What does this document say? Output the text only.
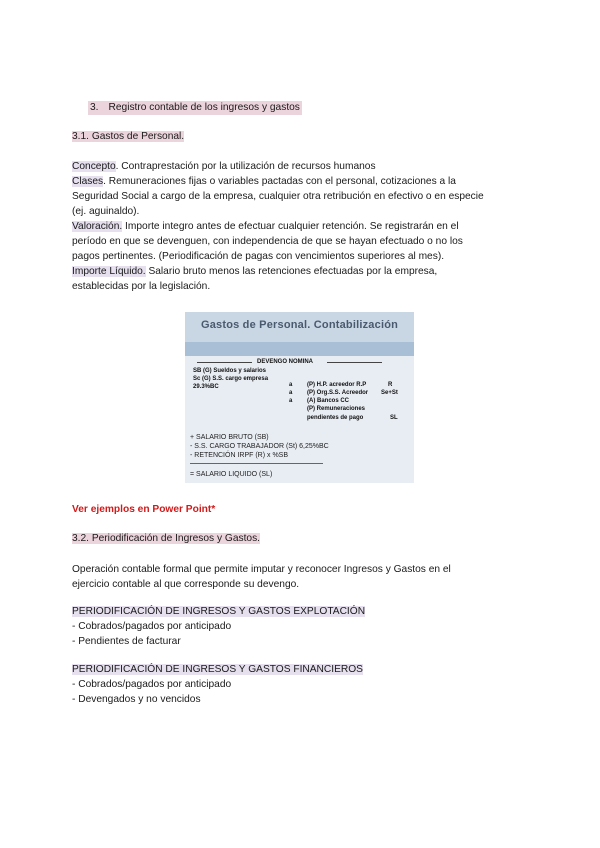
3. Registro contable de los ingresos y gastos
3.1. Gastos de Personal.
Concepto. Contraprestación por la utilización de recursos humanos
Clases. Remuneraciones fijas o variables pactadas con el personal, cotizaciones a la
Seguridad Social a cargo de la empresa, cualquier otra retribución en efectivo o en especie
(ej. aguinaldo).
Valoración. Importe integro antes de efectuar cualquier retención. Se registrarán en el
período en que se devenguen, con independencia de que se hayan efectuado o no los
pagos pertinentes. (Periodificación de pagas con vencimientos superiores al mes).
Importe Líquido. Salario bruto menos las retenciones efectuadas por la empresa,
establecidas por la legislación.
Gastos de Personal. Contabilización
DEVENGO NOMINA
SB (G) Sueldos y salarios
Sc (G) S.S. cargo empresa
29.3%BC	a
a
a
(P) H.P. acreedor R.P
(P) Org.S.S. Acreedor
(A) Bancos CC
(P) Remuneraciones
pendientes de pago
R
Se+St
SL
+ SALARIO BRUTO (SB)
- S.S. CARGO TRABAJADOR (St) 6,25%BC
- RETENCIÓN IRPF (R) x %SB
= SALARIO LIQUIDO (SL)
Ver ejemplos en Power Point*
3.2. Periodificación de Ingresos y Gastos.
Operación contable formal que permite imputar y reconocer Ingresos y Gastos en el
ejercicio contable al que corresponde su devengo.
PERIODIFICACIÓN DE INGRESOS Y GASTOS EXPLOTACIÓN
- Cobrados/pagados por anticipado
- Pendientes de facturar
PERIODIFICACIÓN DE INGRESOS Y GASTOS FINANCIEROS
- Cobrados/pagados por anticipado
- Devengados y no vencidos
